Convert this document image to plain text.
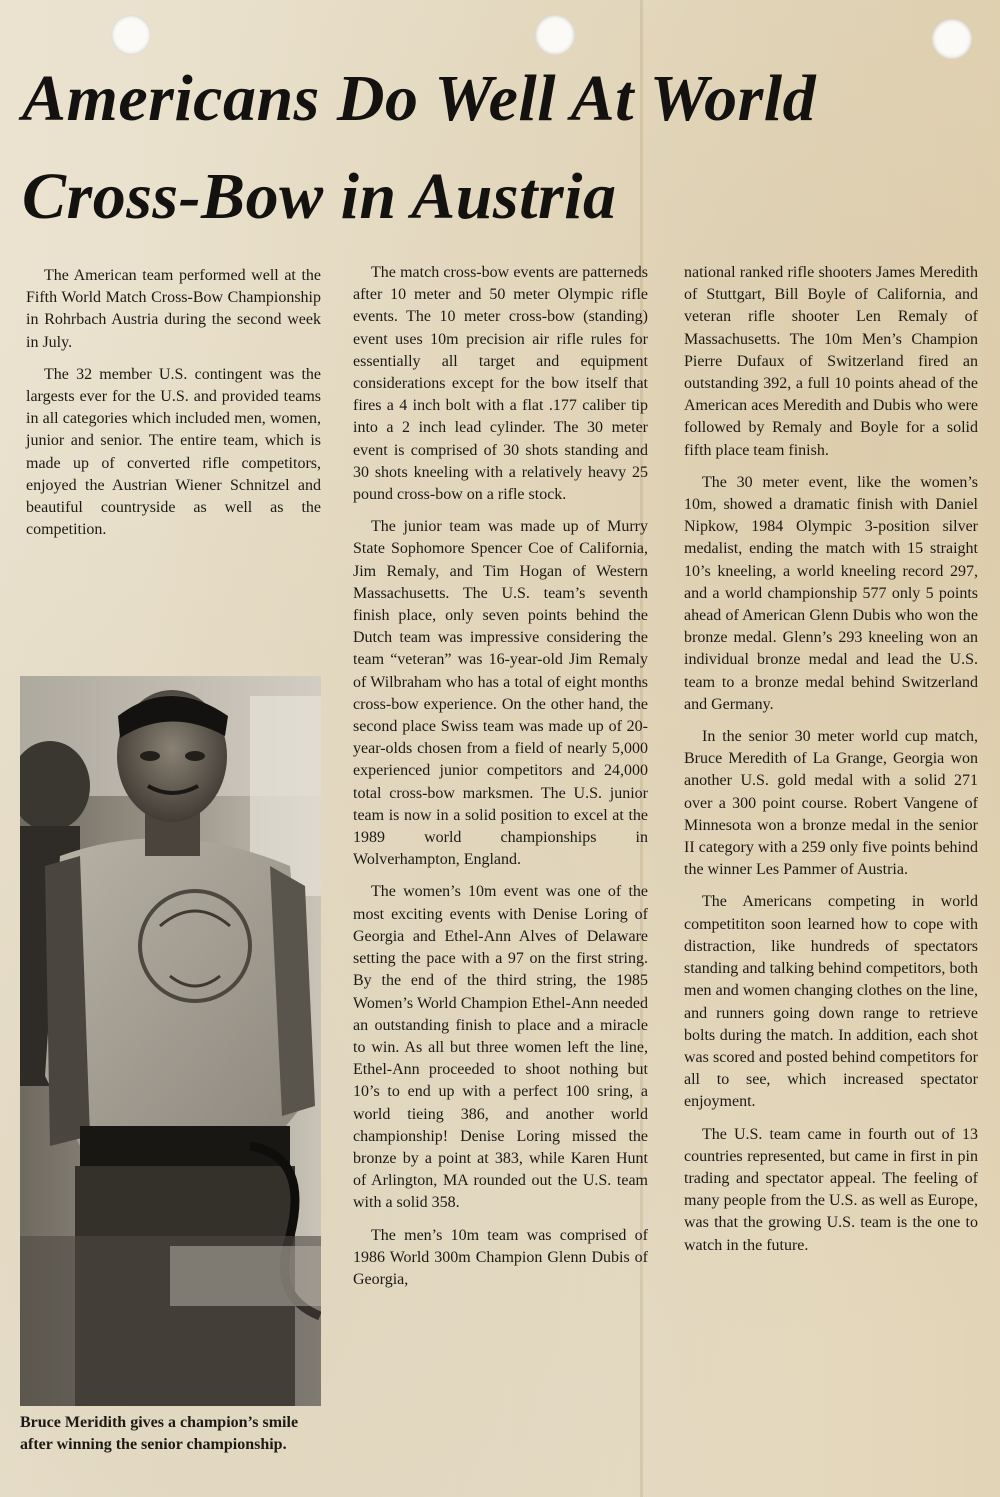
Americans Do Well At World
Cross-Bow in Austria

The American team performed well at the Fifth World Match Cross-Bow Championship in Rohrbach Austria during the second week in July.

The 32 member U.S. contingent was the largests ever for the U.S. and provided teams in all categories which included men, women, junior and senior. The entire team, which is made up of converted rifle competitors, enjoyed the Austrian Wiener Schnitzel and beautiful countryside as well as the competition.

Bruce Meridith gives a champion’s smile after winning the senior championship.

The match cross-bow events are patterneds after 10 meter and 50 meter Olympic rifle events. The 10 meter cross-bow (standing) event uses 10m precision air rifle rules for essentially all target and equipment considerations except for the bow itself that fires a 4 inch bolt with a flat .177 caliber tip into a 2 inch lead cylinder. The 30 meter event is comprised of 30 shots standing and 30 shots kneeling with a relatively heavy 25 pound cross-bow on a rifle stock.

The junior team was made up of Murry State Sophomore Spencer Coe of California, Jim Remaly, and Tim Hogan of Western Massachusetts. The U.S. team’s seventh finish place, only seven points behind the Dutch team was impressive considering the team “veteran” was 16-year-old Jim Remaly of Wilbraham who has a total of eight months cross-bow experience. On the other hand, the second place Swiss team was made up of 20-year-olds chosen from a field of nearly 5,000 experienced junior competitors and 24,000 total cross-bow marksmen. The U.S. junior team is now in a solid position to excel at the 1989 world championships in Wolverhampton, England.

The women’s 10m event was one of the most exciting events with Denise Loring of Georgia and Ethel-Ann Alves of Delaware setting the pace with a 97 on the first string. By the end of the third string, the 1985 Women’s World Champion Ethel-Ann needed an outstanding finish to place and a miracle to win. As all but three women left the line, Ethel-Ann proceeded to shoot nothing but 10’s to end up with a perfect 100 sring, a world tieing 386, and another world championship! Denise Loring missed the bronze by a point at 383, while Karen Hunt of Arlington, MA rounded out the U.S. team with a solid 358.

The men’s 10m team was comprised of 1986 World 300m Champion Glenn Dubis of Georgia,

national ranked rifle shooters James Meredith of Stuttgart, Bill Boyle of California, and veteran rifle shooter Len Remaly of Massachusetts. The 10m Men’s Champion Pierre Dufaux of Switzerland fired an outstanding 392, a full 10 points ahead of the American aces Meredith and Dubis who were followed by Remaly and Boyle for a solid fifth place team finish.

The 30 meter event, like the women’s 10m, showed a dramatic finish with Daniel Nipkow, 1984 Olympic 3-position silver medalist, ending the match with 15 straight 10’s kneeling, a world kneeling record 297, and a world championship 577 only 5 points ahead of American Glenn Dubis who won the bronze medal. Glenn’s 293 kneeling won an individual bronze medal and lead the U.S. team to a bronze medal behind Switzerland and Germany.

In the senior 30 meter world cup match, Bruce Meredith of La Grange, Georgia won another U.S. gold medal with a solid 271 over a 300 point course. Robert Vangene of Minnesota won a bronze medal in the senior II category with a 259 only five points behind the winner Les Pammer of Austria.

The Americans competing in world competititon soon learned how to cope with distraction, like hundreds of spectators standing and talking behind competitors, both men and women changing clothes on the line, and runners going down range to retrieve bolts during the match. In addition, each shot was scored and posted behind competitors for all to see, which increased spectator enjoyment.

The U.S. team came in fourth out of 13 countries represented, but came in first in pin trading and spectator appeal. The feeling of many people from the U.S. as well as Europe, was that the growing U.S. team is the one to watch in the future.
